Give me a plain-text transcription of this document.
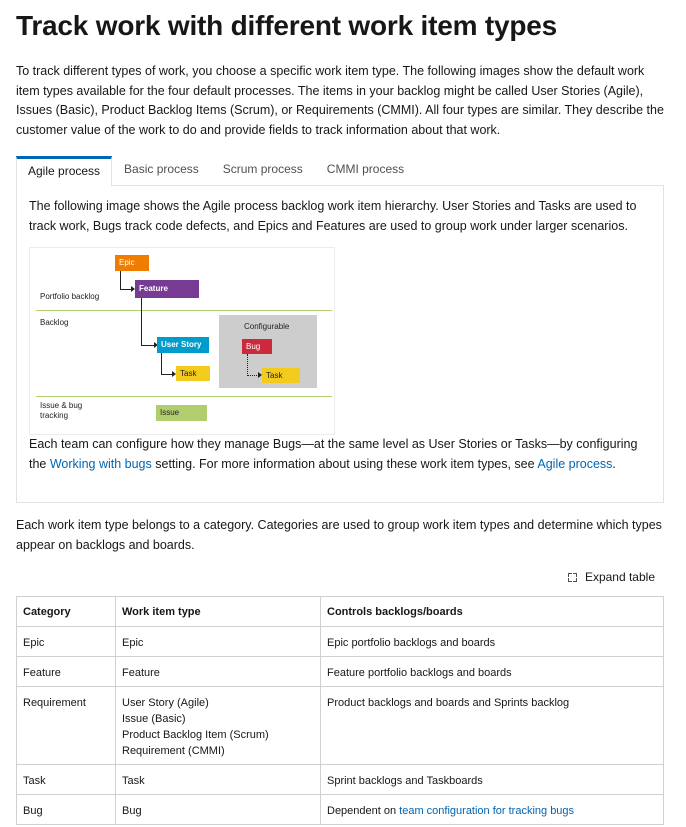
Track work with different work item types

To track different types of work, you choose a specific work item type. The following images show the default work item types available for the four default processes. The items in your backlog might be called User Stories (Agile), Issues (Basic), Product Backlog Items (Scrum), or Requirements (CMMI). All four types are similar. They describe the customer value of the work to do and provide fields to track information about that work.

Agile process	Basic process	Scrum process	CMMI process

The following image shows the Agile process backlog work item hierarchy. User Stories and Tasks are used to track work, Bugs track code defects, and Epics and Features are used to group work under larger scenarios.

Epic
Portfolio backlog
Feature
Backlog	Configurable
User Story
Task
Bug
Task
Issue & bug tracking	Issue

Each team can configure how they manage Bugs—at the same level as User Stories or Tasks—by configuring the Working with bugs setting. For more information about using these work item types, see Agile process.

Each work item type belongs to a category. Categories are used to group work item types and determine which types appear on backlogs and boards.

Expand table
Category	Work item type	Controls backlogs/boards
Epic	Epic	Epic portfolio backlogs and boards
Feature	Feature	Feature portfolio backlogs and boards
Requirement	User Story (Agile)
Issue (Basic)
Product Backlog Item (Scrum)
Requirement (CMMI)	Product backlogs and boards and Sprints backlog
Task	Task	Sprint backlogs and Taskboards
Bug	Bug	Dependent on team configuration for tracking bugs
